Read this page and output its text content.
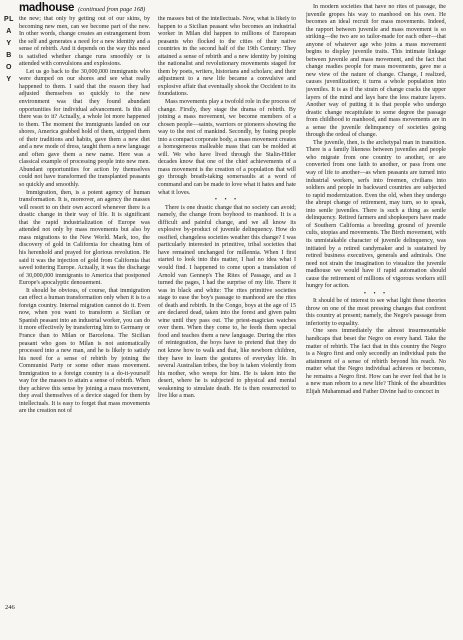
PLAYBOY
madhouse (continued from page 168)

the new; that only by getting out of our skins, by becoming new men, can we become part of the new. In other words, change creates an estrangement from the self and generates a need for a new identity and a sense of rebirth. And it depends on the way this need is satisfied whether change runs smoothly or is attended with convulsions and explosions.

Let us go back to the 30,000,000 immigrants who were dumped on our shores and see what really happened to them. I said that the reason they had adjusted themselves so quickly to the new environment was that they found abundant opportunities for individual advancement. Is this all there was to it? Actually, a whole lot more happened to them. The moment the immigrants landed on our shores, America grabbed hold of them, stripped them of their traditions and habits, gave them a new diet and a new mode of dress, taught them a new language and often gave them a new name. Here was a classical example of processing people into new men. Abundant opportunities for action by themselves could not have transformed the transplanted peasants so quickly and smoothly.

Immigration, then, is a potent agency of human transformation. It is, moreover, an agency the masses will resort to on their own accord whenever there is a drastic change in their way of life. It is significant that the rapid industrialization of Europe was attended not only by mass movements but also by mass migrations to the New World. Mark, too, the discovery of gold in California for cheating him of his herenhold and prayed for glorious revolution. He said it was the injection of gold from California that saved tottering Europe. Actually, it was the discharge of 30,000,000 immigrants to America that postponed Europe's apocalyptic denouement.

It should be obvious, of course, that immigration can effect a human transformation only when it is to a foreign country. Internal migration cannot do it. Even now, when you want to transform a Sicilian or Spanish peasant into an industrial worker, you can do it more effectively by transferring him to Germany or France than to Milan or Barcelona. The Sicilian peasant who goes to Milan is not automatically processed into a new man, and he is likely to satisfy his need for a sense of rebirth by joining the Communist Party or some other mass movement. Immigration to a foreign country is a do-it-yourself way for the masses to attain a sense of rebirth. When they achieve this sense by joining a mass movement, they avail themselves of a device staged for them by intellectuals. It is easy to forget that mass movements are the creation not of

the masses but of the intellectuals. Now, what is likely to happen to a Sicilian peasant who becomes an industrial worker in Milan did happen to millions of European peasants who flocked to the cities of their native countries in the second half of the 19th Century: They attained a sense of rebirth and a new identity by joining the nationalist and revolutionary movements staged for them by poets, writers, historians and scholars; and their adjustment to a new life became a convulsive and explosive affair that eventually shook the Occident to its foundations.

Mass movements play a twofold role in the process of change. Firstly, they stage the drama of rebirth. By joining a mass movement, we become members of a chosen people—saints, warriors or pioneers showing the way to the rest of mankind. Secondly, by fusing people into a compact corporate body, a mass movement creates a homogeneous malleable mass that can be molded at will. We who have lived through the Stalin-Hitler decades know that one of the chief achievements of a mass movement is the creation of a population that will go through breath-taking somersaults at a word of command and can be made to love what it hates and hate what it loves.

• • •

There is one drastic change that no society can avoid; namely, the change from boyhood to manhood. It is a difficult and painful change, and we all know its explosive by-product of juvenile delinquency. How do ossified, changeless societies weather this change? I was particularly interested in primitive, tribal societies that have remained unchanged for millennia. When I first started to look into this matter, I had no idea what I would find. I happened to come upon a translation of Arnold van Gennep's The Rites of Passage, and as I turned the pages, I had the surprise of my life. There it was in black and white: The rites primitive societies stage to ease the boy's passage to manhood are the rites of death and rebirth. In the Congo, boys at the age of 15 are declared dead, taken into the forest and given palm wine until they pass out. The priest-magician watches over them. When they come to, he feeds them special food and teaches them a new language. During the rites of reintegration, the boys have to pretend that they do not know how to walk and that, like newborn children, they have to learn the gestures of everyday life. In several Australian tribes, the boy is taken violently from his mother, who weeps for him. He is taken into the desert, where he is subjected to physical and mental weakening to simulate death. He is then resurrected to live like a man.

In modern societies that have no rites of passage, the juvenile gropes his way to manhood on his own. He becomes an ideal recruit for mass movements. Indeed, the rapport between juvenile and mass movement is so striking—the two are so tailor-made for each other—that anyone of whatever age who joins a mass movement begins to display juvenile traits. This intimate linkage between juvenile and mass movement, and the fact that change readies people for mass movements, gave me a new view of the nature of change. Change, I realized, causes juvenilization; it turns a whole population into juveniles. It is as if the strain of change cracks the upper layers of the mind and lays bare the less mature layers. Another way of putting it is that people who undergo drastic change recapitulate to some degree the passage from childhood to manhood, and mass movements are in a sense the juvenile delinquency of societies going through the ordeal of change.

The juvenile, then, is the archetypal man in transition. There is a family likeness between juveniles and people who migrate from one country to another, or are converted from one faith to another, or pass from one way of life to another—as when peasants are turned into industrial workers, serfs into freemen, civilians into soldiers and people in backward countries are subjected to rapid modernization. Even the old, when they undergo the abrupt change of retirement, may turn, so to speak, into senile juveniles. There is such a thing as senile delinquency. Retired farmers and shopkeepers have made of Southern California a breeding ground of juvenile cults, utopias and movements. The Birch movement, with its unmistakable character of juvenile delinquency, was initiated by a retired candymaker and is sustained by retired business executives, generals and admirals. One need not strain the imagination to visualize the juvenile madhouse we would have if rapid automation should cause the retirement of millions of vigorous workers still hungry for action.

• • •

It should be of interest to see what light these theories throw on one of the most pressing changes that confront this country at present; namely, the Negro's passage from inferiority to equality.

One sees immediately the almost insurmountable handicaps that beset the Negro on every hand. Take the matter of rebirth. The fact that in this country the Negro is a Negro first and only secondly an individual puts the attainment of a sense of rebirth beyond his reach. No matter what the Negro individual achieves or becomes, he remains a Negro first. How can he ever feel that he is a new man reborn to a new life? Think of the absurdities Elijah Muhammad and Father Divine had to concoct in

246
